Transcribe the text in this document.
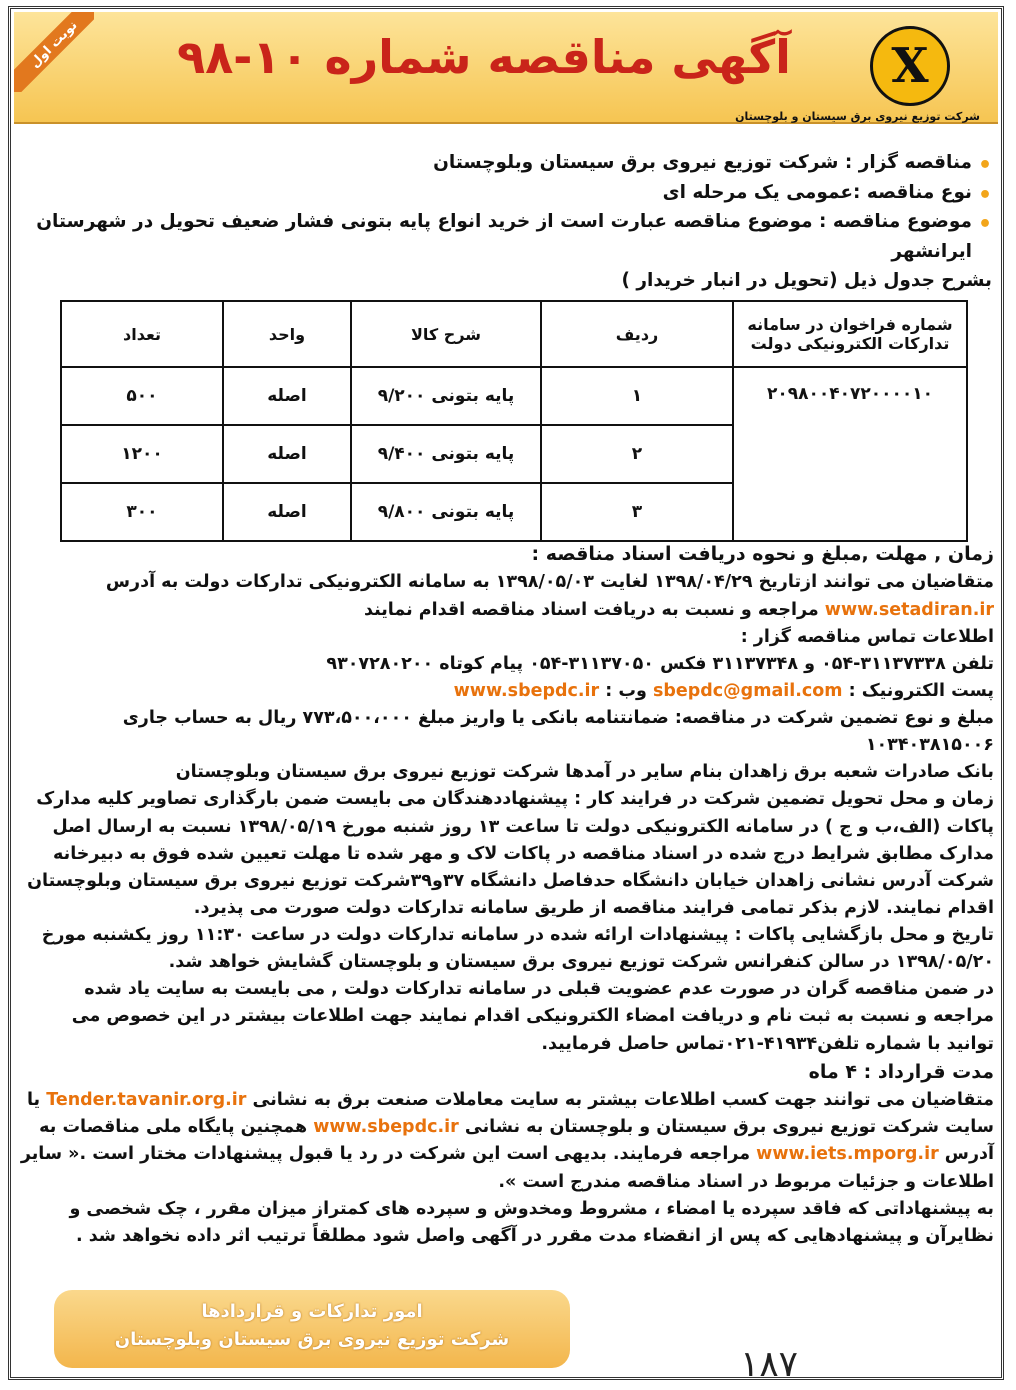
نوبت اول	آگهی مناقصه شماره ۱۰-۹۸	X
شرکت توزیع نیروی برق سیستان و بلوچستان
• مناقصه گزار : شرکت توزیع نیروی برق سیستان وبلوچستان
• نوع مناقصه :عمومی یک مرحله ای
• موضوع مناقصه : موضوع مناقصه عبارت است از خرید انواع پایه بتونی فشار ضعیف تحویل در شهرستان ایرانشهر
بشرح جدول ذیل (تحویل در انبار خریدار )
شماره فراخوان در سامانه تدارکات الکترونیکی دولت	ردیف	شرح کالا	واحد	تعداد
۲۰۹۸۰۰۴۰۷۲۰۰۰۰۱۰	۱	پایه بتونی ۹/۲۰۰	اصله	۵۰۰
	۲	پایه بتونی ۹/۴۰۰	اصله	۱۲۰۰
	۳	پایه بتونی ۹/۸۰۰	اصله	۳۰۰

زمان , مهلت ,مبلغ و نحوه دریافت اسناد مناقصه :

متقاضیان می توانند ازتاریخ ۱۳۹۸/۰۴/۲۹ لغایت ۱۳۹۸/۰۵/۰۳ به سامانه الکترونیکی تدارکات دولت به آدرس www.setadiran.ir مراجعه و نسبت به دریافت اسناد مناقصه اقدام نمایند

اطلاعات تماس مناقصه گزار :

تلفن ۳۱۱۳۷۳۳۸-۰۵۴ و ۳۱۱۳۷۳۴۸ فکس ۳۱۱۳۷۰۵۰-۰۵۴ پیام کوتاه ۹۳۰۷۲۸۰۲۰۰

پست الکترونیک : sbepdc@gmail.com وب : www.sbepdc.ir

مبلغ و نوع تضمین شرکت در مناقصه: ضمانتنامه بانکی یا واریز مبلغ ۷۷۳،۵۰۰،۰۰۰ ریال به حساب جاری ۱۰۳۴۰۳۸۱۵۰۰۶

بانک صادرات شعبه برق زاهدان بنام سایر در آمدها شرکت توزیع نیروی برق سیستان وبلوچستان

زمان و محل تحویل تضمین شرکت در فرایند کار : پیشنهاددهندگان می بایست ضمن بارگذاری تصاویر کلیه مدارک پاکات (الف،ب و ج ) در سامانه الکترونیکی دولت تا ساعت ۱۳ روز شنبه مورخ ۱۳۹۸/۰۵/۱۹ نسبت به ارسال اصل مدارک مطابق شرایط درج شده در اسناد مناقصه در پاکات لاک و مهر شده تا مهلت تعیین شده فوق به دبیرخانه شرکت آدرس نشانی زاهدان خیابان دانشگاه حدفاصل دانشگاه ۳۷و۳۹شرکت توزیع نیروی برق سیستان وبلوچستان اقدام نمایند. لازم بذکر تمامی فرایند مناقصه از طریق سامانه تدارکات دولت صورت می پذیرد.

تاریخ و محل بازگشایی پاکات : پیشنهادات ارائه شده در سامانه تدارکات دولت در ساعت ۱۱:۳۰ روز یکشنبه مورخ ۱۳۹۸/۰۵/۲۰ در سالن کنفرانس شرکت توزیع نیروی برق سیستان و بلوچستان گشایش خواهد شد.

در ضمن مناقصه گران در صورت عدم عضویت قبلی در سامانه تدارکات دولت , می بایست به سایت یاد شده مراجعه و نسبت به ثبت نام و دریافت امضاء الکترونیکی اقدام نمایند جهت اطلاعات بیشتر در این خصوص می توانید با شماره تلفن۴۱۹۳۴-۰۲۱تماس حاصل فرمایید.

مدت قرارداد : ۴ ماه

متقاضیان می توانند جهت کسب اطلاعات بیشتر به سایت معاملات صنعت برق به نشانی Tender.tavanir.org.ir یا سایت شرکت توزیع نیروی برق سیستان و بلوچستان به نشانی www.sbepdc.ir همچنین پایگاه ملی مناقصات به آدرس www.iets.mporg.ir مراجعه فرمایند. بدیهی است این شرکت در رد یا قبول پیشنهادات مختار است .« سایر اطلاعات و جزئیات مربوط در اسناد مناقصه مندرج است ».

به پیشنهاداتی که فاقد سپرده یا امضاء ، مشروط ومخدوش و سپرده های کمتراز میزان مقرر ، چک شخصی و نظایرآن و پیشنهادهایی که پس از انقضاء مدت مقرر در آگهی واصل شود مطلقاً ترتیب اثر داده نخواهد شد .

امور تدارکات و قراردادها
شرکت توزیع نیروی برق سیستان وبلوچستان
۱۸۷
